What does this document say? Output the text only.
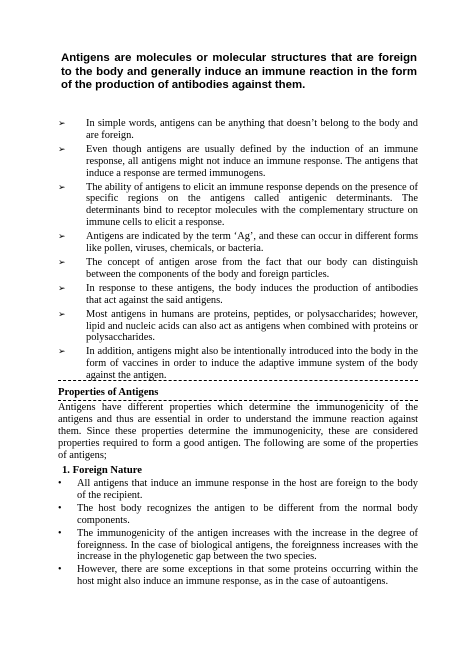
Antigens are molecules or molecular structures that are foreign to the body and generally induce an immune reaction in the form of the production of antibodies against them.

➢ In simple words, antigens can be anything that doesn’t belong to the body and are foreign.
➢ Even though antigens are usually defined by the induction of an immune response, all antigens might not induce an immune response. The antigens that induce a response are termed immunogens.
➢ The ability of antigens to elicit an immune response depends on the presence of specific regions on the antigens called antigenic determinants. The determinants bind to receptor molecules with the complementary structure on immune cells to elicit a response.
➢ Antigens are indicated by the term ‘Ag’, and these can occur in different forms like pollen, viruses, chemicals, or bacteria.
➢ The concept of antigen arose from the fact that our body can distinguish between the components of the body and foreign particles.
➢ In response to these antigens, the body induces the production of antibodies that act against the said antigens.
➢ Most antigens in humans are proteins, peptides, or polysaccharides; however, lipid and nucleic acids can also act as antigens when combined with proteins or polysaccharides.
➢ In addition, antigens might also be intentionally introduced into the body in the form of vaccines in order to induce the adaptive immune system of the body against the antigen.
Properties of Antigens

Antigens have different properties which determine the immunogenicity of the antigens and thus are essential in order to understand the immune reaction against them. Since these properties determine the immunogenicity, these are considered properties required to form a good antigen. The following are some of the properties of antigens;

1. Foreign Nature
• All antigens that induce an immune response in the host are foreign to the body of the recipient.
• The host body recognizes the antigen to be different from the normal body components.
• The immunogenicity of the antigen increases with the increase in the degree of foreignness. In the case of biological antigens, the foreignness increases with the increase in the phylogenetic gap between the two species.
• However, there are some exceptions in that some proteins occurring within the host might also induce an immune response, as in the case of autoantigens.
